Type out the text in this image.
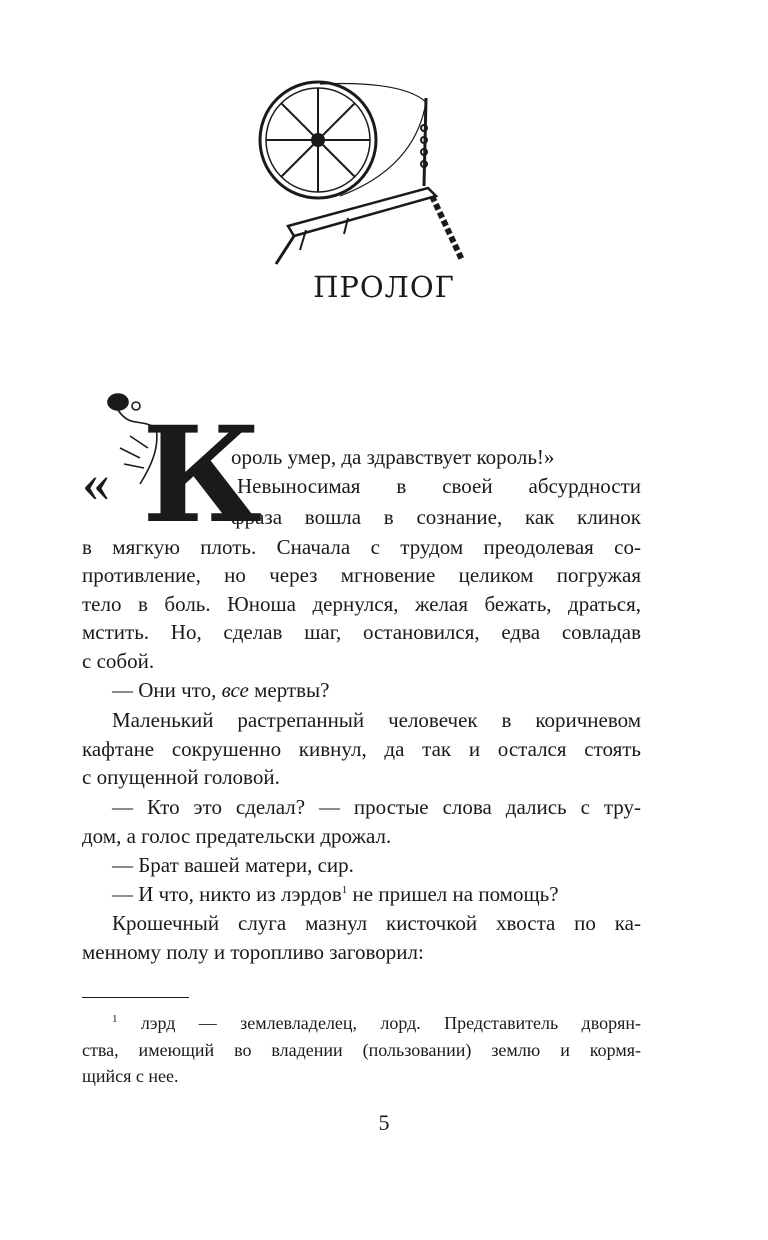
ПРОЛОГ
« К
ороль умер, да здравствует король!»
Невыносимая в своей абсурдности
фраза вошла в сознание, как клинок
в мягкую плоть. Сначала с трудом преодолевая со-
противление, но через мгновение целиком погружая
тело в боль. Юноша дернулся, желая бежать, драться,
мстить. Но, сделав шаг, остановился, едва совладав
с собой.
— Они что, все мертвы?
Маленький растрепанный человечек в коричневом
кафтане сокрушенно кивнул, да так и остался стоять
с опущенной головой.
— Кто это сделал? — простые слова дались с тру-
дом, а голос предательски дрожал.
— Брат вашей матери, сир.
— И что, никто из лэрдов$^1$ не пришел на помощь?
Крошечный слуга мазнул кисточкой хвоста по ка-
менному полу и торопливо заговорил:
$^1$ лэрд — землевладелец, лорд. Представитель дворян-
ства, имеющий во владении (пользовании) землю и кормя-
щийся с нее.
5
